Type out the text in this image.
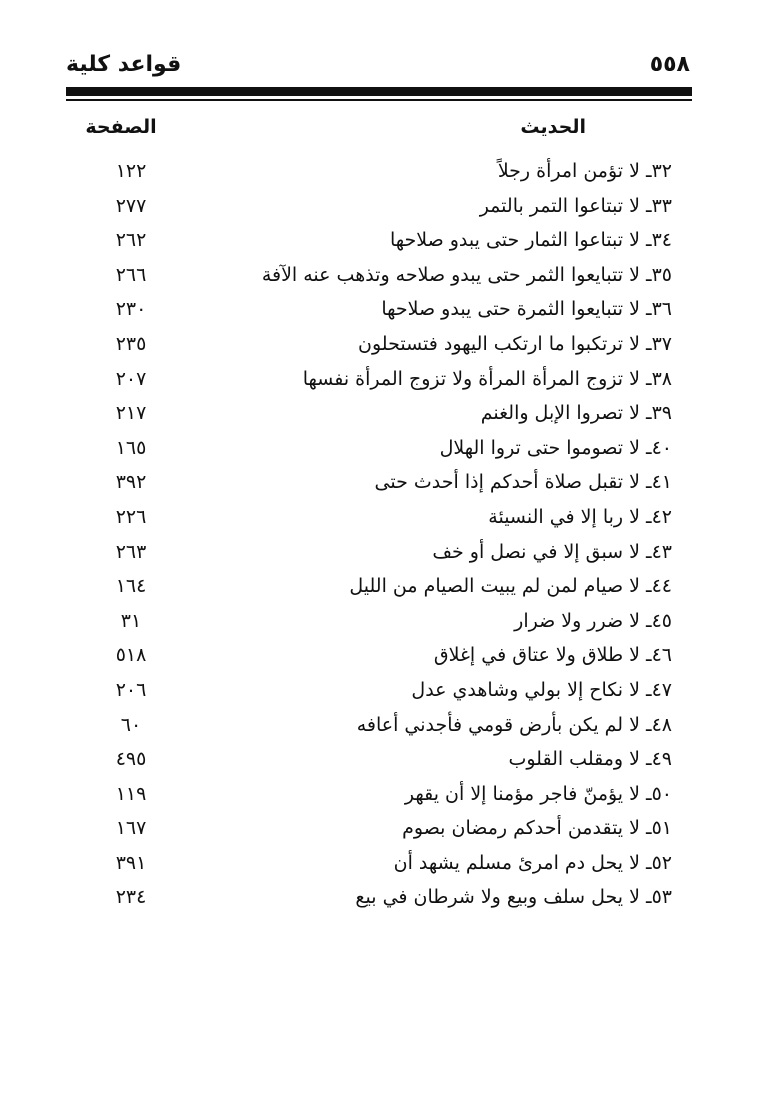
٥٥٨
قواعد كلية
الحديث
الصفحة
٣٢ـ لا تؤمن امرأة رجلاً
١٢٢
٣٣ـ لا تبتاعوا التمر بالتمر
٢٧٧
٣٤ـ لا تبتاعوا الثمار حتى يبدو صلاحها
٢٦٢
٣٥ـ لا تتبايعوا الثمر حتى يبدو صلاحه وتذهب عنه الآفة
٢٦٦
٣٦ـ لا تتبايعوا الثمرة حتى يبدو صلاحها
٢٣٠
٣٧ـ لا ترتكبوا ما ارتكب اليهود فتستحلون
٢٣٥
٣٨ـ لا تزوج المرأة المرأة ولا تزوج المرأة نفسها
٢٠٧
٣٩ـ لا تصروا الإبل والغنم
٢١٧
٤٠ـ لا تصوموا حتى تروا الهلال
١٦٥
٤١ـ لا تقبل صلاة أحدكم إذا أحدث حتى
٣٩٢
٤٢ـ لا ربا إلا في النسيئة
٢٢٦
٤٣ـ لا سبق إلا في نصل أو خف
٢٦٣
٤٤ـ لا صيام لمن لم يبيت الصيام من الليل
١٦٤
٤٥ـ لا ضرر ولا ضرار
٣١
٤٦ـ لا طلاق ولا عتاق في إغلاق
٥١٨
٤٧ـ لا نكاح إلا بولي وشاهدي عدل
٢٠٦
٤٨ـ لا لم يكن بأرض قومي فأجدني أعافه
٦٠
٤٩ـ لا ومقلب القلوب
٤٩٥
٥٠ـ لا يؤمنّ فاجر مؤمنا إلا أن يقهر
١١٩
٥١ـ لا يتقدمن أحدكم رمضان بصوم
١٦٧
٥٢ـ لا يحل دم امرئ مسلم يشهد أن
٣٩١
٥٣ـ لا يحل سلف وبيع ولا شرطان في بيع
٢٣٤
